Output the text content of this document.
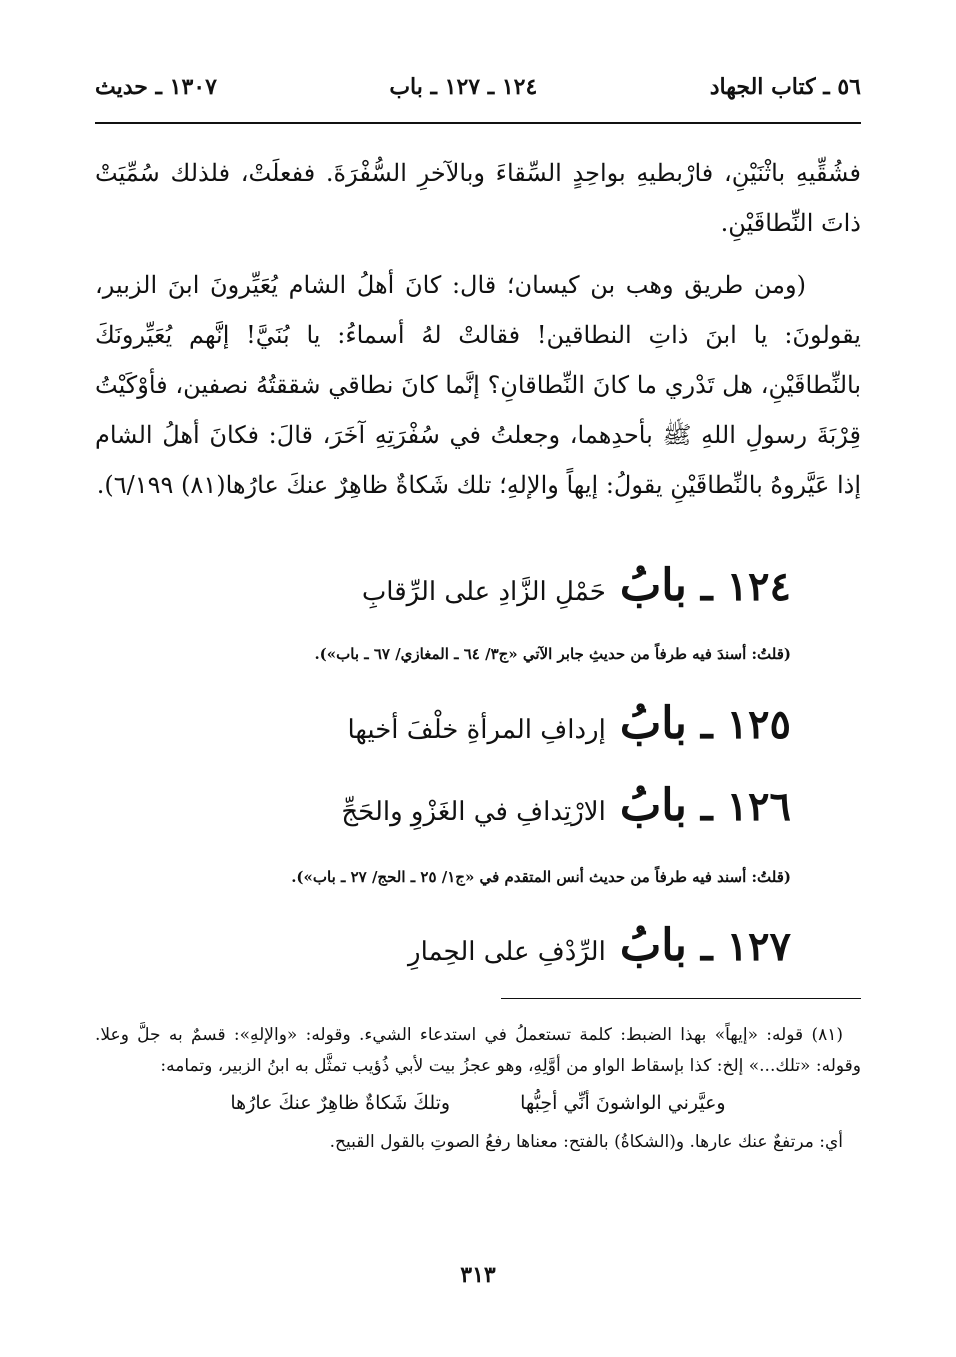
٥٦ ـ كتاب الجهاد
١٢٤ ـ ١٢٧ ـ باب
١٣٠٧ ـ حديث

فشُقِّيهِ باثْنَيْنِ، فارْبطيهِ بواحِدٍ السِّقاءَ وبالآخرِ السُّفْرَةَ. ففعلَتْ، فلذلك سُمِّيَتْ ذاتَ النِّطاقَيْنِ.

(ومن طريق وهب بن كيسان؛ قال: كانَ أهلُ الشام يُعَيِّرونَ ابنَ الزبير، يقولونَ: يا ابنَ ذاتِ النطاقين! فقالتْ لهُ أسماءُ: يا بُنَيَّ! إنَّهم يُعَيِّرونَكَ بالنِّطاقَيْنِ، هل تَدْري ما كانَ النِّطاقانِ؟ إنَّما كانَ نطاقي شققتُهُ نصفين، فأوْكَيْتُ قِرْبَةَ رسولِ اللهِ ﷺ بأحدِهما، وجعلتُ في سُفْرَتِهِ آخَرَ، قالَ: فكانَ أهلُ الشام إذا عَيَّروهُ بالنِّطاقَيْنِ يقولُ: إيهاً والإلهِ؛ تلك شَكاةٌ ظاهِرٌ عنكَ عارُها(٨١) ٦/١٩٩).

١٢٤ ـ
بابُ
حَمْلِ الزَّادِ على الرِّقابِ
(قلتُ: أسندَ فيه طرفاً من حديثِ جابر الآتي «ج٣/ ٦٤ ـ المغازي/ ٦٧ ـ باب»).
١٢٥ ـ
بابُ
إردافِ المرأةِ خلْفَ أخيها
١٢٦ ـ
بابُ
الارْتِدافِ في الغَزْوِ والحَجِّ
(قلتُ: أسند فيه طرفاً من حديث أنس المتقدم في «ج١/ ٢٥ ـ الحج/ ٢٧ ـ باب»).
١٢٧ ـ
بابُ
الرِّدْفِ على الحِمارِ

(٨١) قوله: «إيهاً» بهذا الضبط: كلمة تستعملُ في استدعاء الشيء. وقوله: «والإلهِ»: قسمٌ به جلَّ وعلا. وقوله: «تلك...» إلخ: كذا بإسقاط الواو من أوَّلِهِ، وهو عجزُ بيت لأبي ذُؤيب تمثَّل به ابنُ الزبير، وتمامه:

وعيَّرني الواشونَ أنِّي أحِبُّها
وتلكَ شَكاةٌ ظاهِرٌ عنكَ عارُها

أي: مرتفعٌ عنك عارها. و(الشكاةُ) بالفتح: معناها رفعُ الصوتِ بالقول القبيح.

٣١٣
